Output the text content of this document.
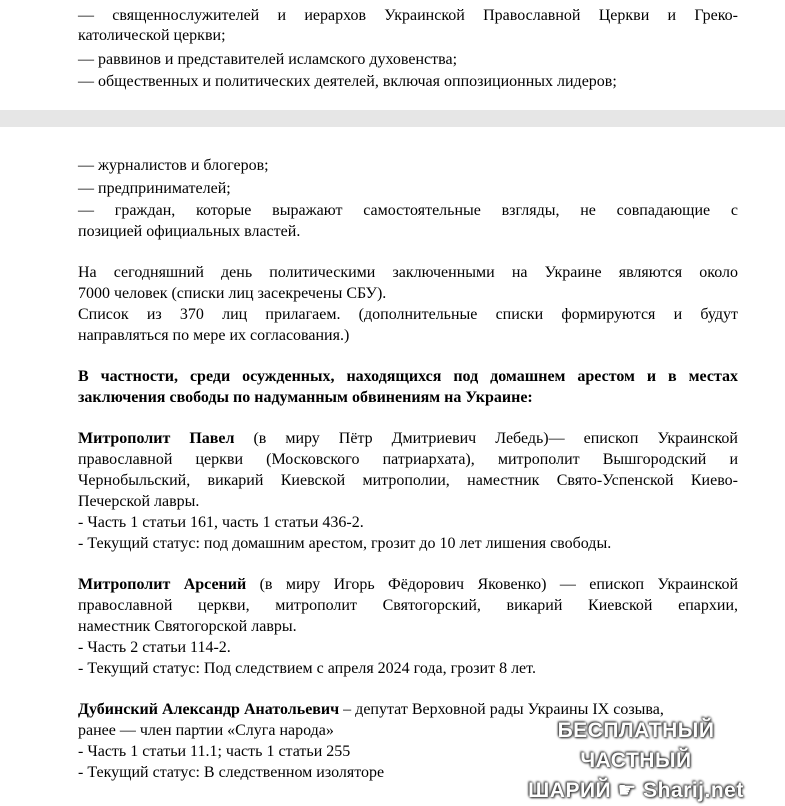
— священнослужителей и иерархов Украинской Православной Церкви и Греко-
католической церкви;
— раввинов и представителей исламского духовенства;
— общественных и политических деятелей, включая оппозиционных лидеров;
— журналистов и блогеров;
— предпринимателей;
— граждан, которые выражают самостоятельные взгляды, не совпадающие с
позицией официальных властей.
На сегодняшний день политическими заключенными на Украине являются около
7000 человек (списки лиц засекречены СБУ).
Список из 370 лиц прилагаем. (дополнительные списки формируются и будут
направляться по мере их согласования.)
В частности, среди осужденных, находящихся под домашнем арестом и в местах
заключения свободы по надуманным обвинениям на Украине:
Митрополит Павел (в миру Пётр Дмитриевич Лебедь)— епископ Украинской
православной церкви (Московского патриархата), митрополит Вышгородский и
Чернобыльский, викарий Киевской митрополии, наместник Свято-Успенской Киево-
Печерской лавры.
- Часть 1 статьи 161, часть 1 статьи 436-2.
- Текущий статус: под домашним арестом, грозит до 10 лет лишения свободы.
Митрополит Арсений (в миру Игорь Фёдорович Яковенко) — епископ Украинской
православной церкви, митрополит Святогорский, викарий Киевской епархии,
наместник Святогорской лавры.
- Часть 2 статьи 114-2.
- Текущий статус: Под следствием с апреля 2024 года, грозит 8 лет.
Дубинский Александр Анатольевич – депутат Верховной рады Украины IX созыва,
ранее — член партии «Слуга народа»
- Часть 1 статьи 11.1; часть 1 статьи 255
- Текущий статус: В следственном изоляторе
БЕСПЛАТНЫЙ ЧАСТНЫЙ
ШАРИЙ ☛ Sharij.net
